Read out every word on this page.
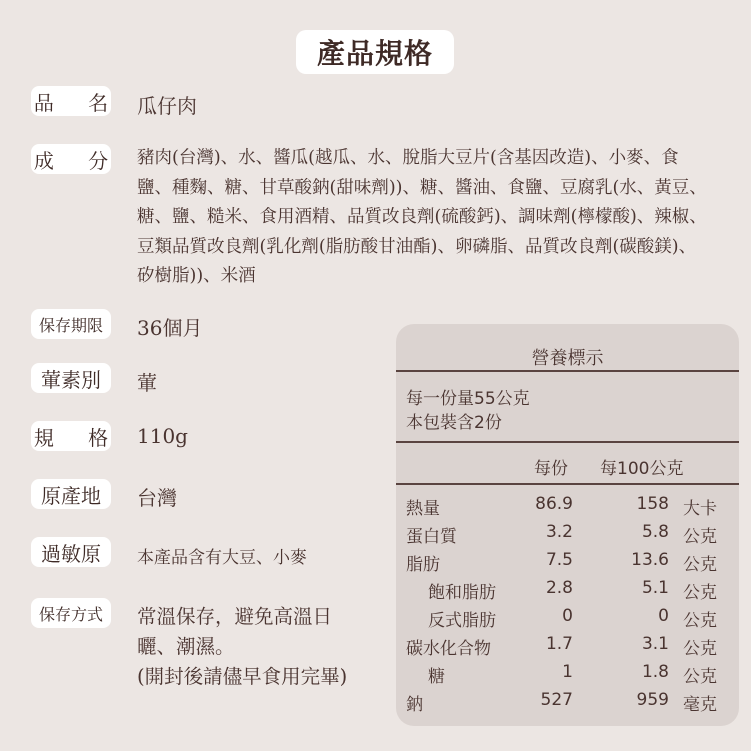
產品規格
品 名 瓜仔肉
成 分 豬肉(台灣)、水、醬瓜(越瓜、水、脫脂大豆片(含基因改造)、小麥、食鹽、種麴、糖、甘草酸鈉(甜味劑))、糖、醬油、食鹽、豆腐乳(水、黃豆、糖、鹽、糙米、食用酒精、品質改良劑(硫酸鈣)、調味劑(檸檬酸)、辣椒、豆類品質改良劑(乳化劑(脂肪酸甘油酯)、卵磷脂、品質改良劑(碳酸鎂)、矽樹脂))、米酒
保存期限	36個月
葷素別	葷
規 格 110g
原產地	台灣
過敏原	本產品含有大豆、小麥
保存方式	常溫保存，避免高溫日
曬、潮濕。
(開封後請儘早食用完畢)
營養標示
每一份量55公克
本包裝含2份
每份 每100公克
熱量	86.9	158 大卡
蛋白質	3.2	5.8 公克
脂肪	7.5	13.6 公克
飽和脂肪	2.8	5.1 公克
反式脂肪	0	0 公克
碳水化合物	1.7	3.1 公克
糖	1	1.8 公克
鈉	527	959 毫克
